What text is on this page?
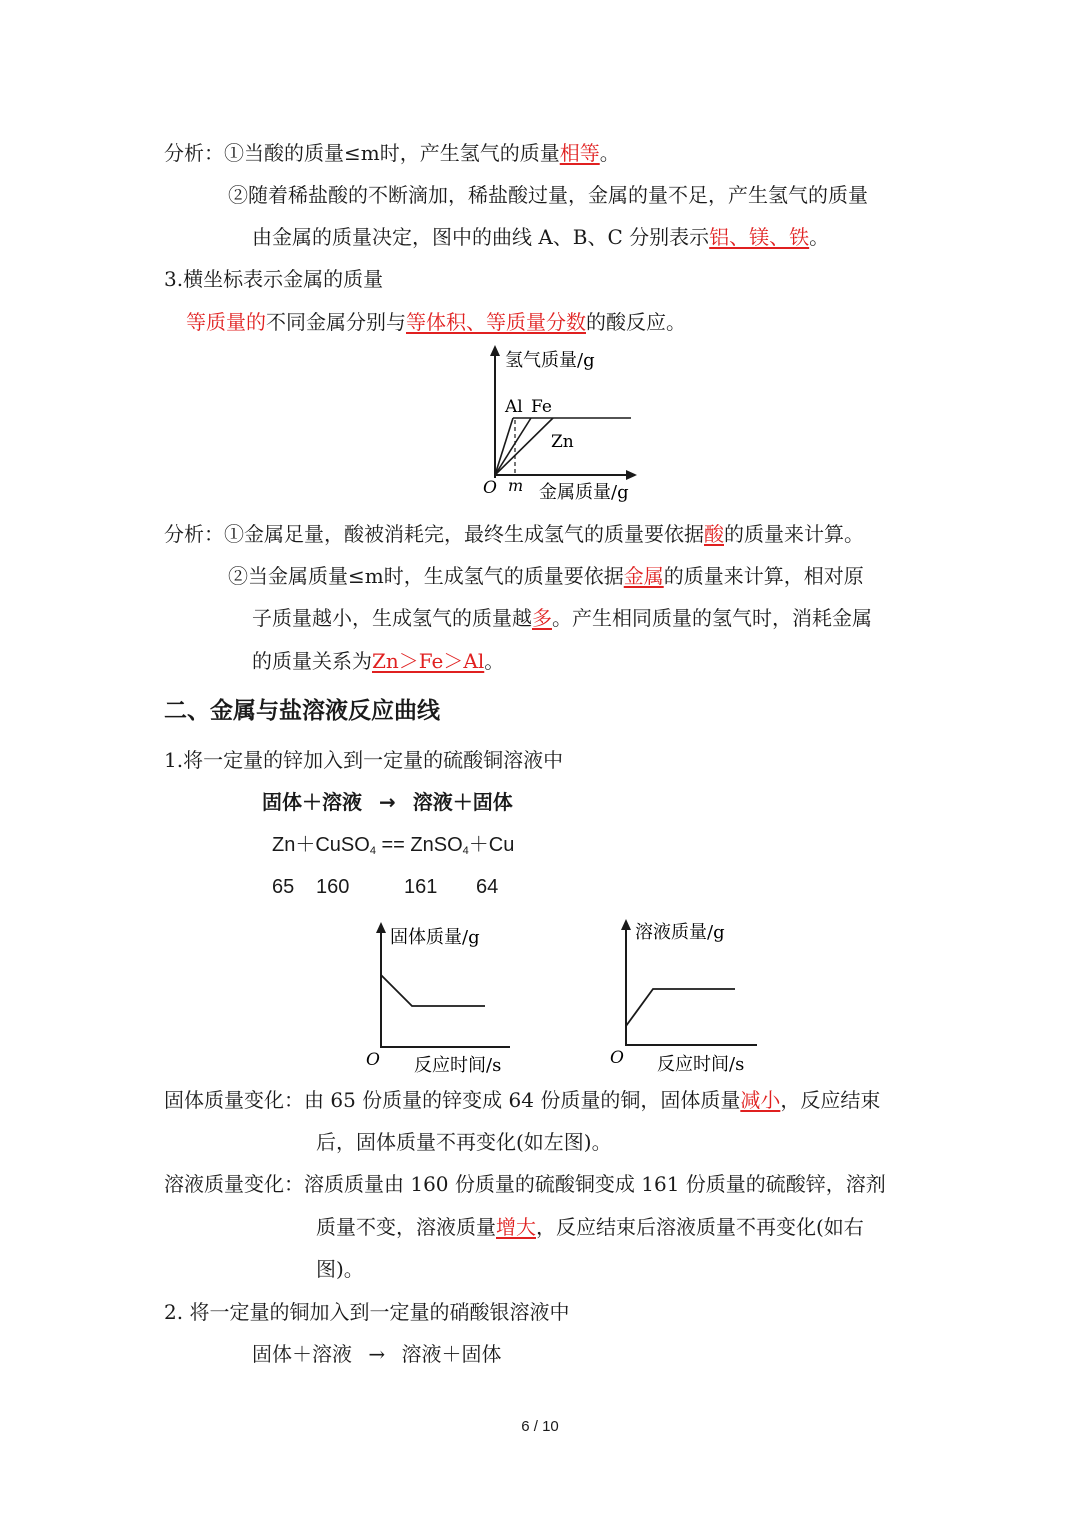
分析：①当酸的质量≤m时，产生氢气的质量相等。
②随着稀盐酸的不断滴加，稀盐酸过量，金属的量不足，产生氢气的质量
由金属的质量决定，图中的曲线 A、B、C 分别表示铝、镁、铁。
3.横坐标表示金属的质量
等质量的不同金属分别与等体积、等质量分数的酸反应。
氢气质量/g
Al Fe
Zn
O m 金属质量/g
分析：①金属足量，酸被消耗完，最终生成氢气的质量要依据酸的质量来计算。
②当金属质量≤m时，生成氢气的质量要依据金属的质量来计算，相对原
子质量越小，生成氢气的质量越多。产生相同质量的氢气时，消耗金属
的质量关系为Zn＞Fe＞Al。
二、金属与盐溶液反应曲线
1.将一定量的锌加入到一定量的硫酸铜溶液中
固体＋溶液 → 溶液＋固体
Zn＋CuSO$_4$ == ZnSO$_4$＋Cu
65 160	161 64
固体质量/g
O 反应时间/s
溶液质量/g
O 反应时间/s
固体质量变化：由 65 份质量的锌变成 64 份质量的铜，固体质量减小，反应结束
后，固体质量不再变化(如左图)。
溶液质量变化：溶质质量由 160 份质量的硫酸铜变成 161 份质量的硫酸锌，溶剂
质量不变，溶液质量增大，反应结束后溶液质量不再变化(如右
图)。
2. 将一定量的铜加入到一定量的硝酸银溶液中
固体＋溶液 → 溶液＋固体
6 / 10
